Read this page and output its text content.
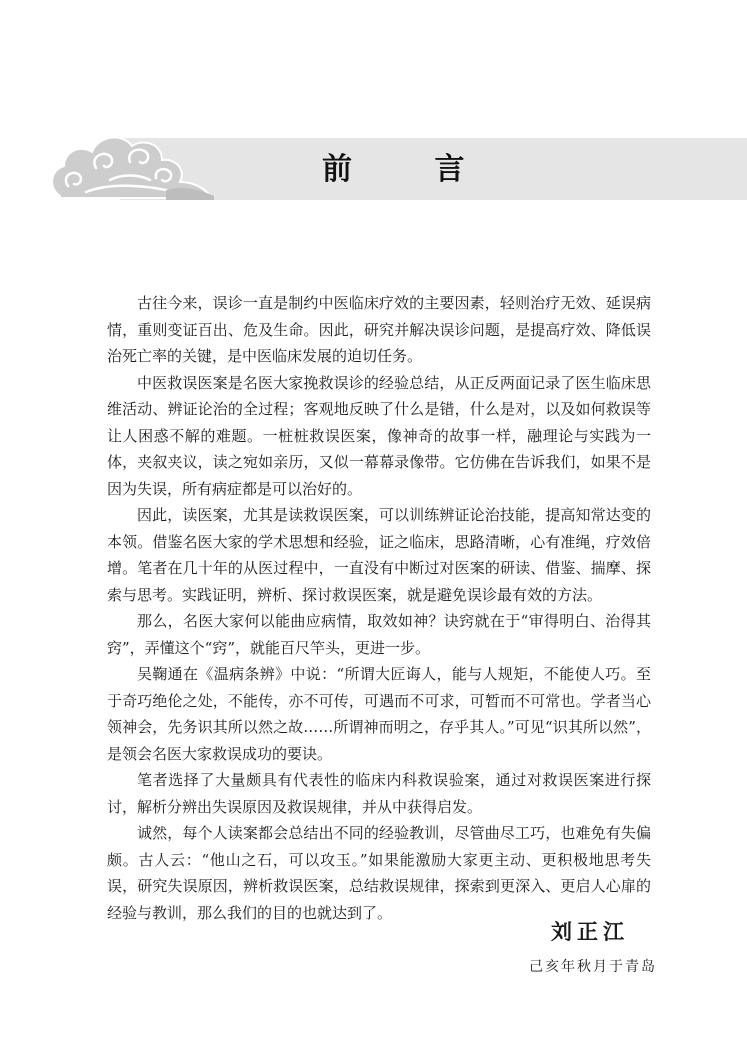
前 言

古往今来，误诊一直是制约中医临床疗效的主要因素，轻则治疗无效、延误病情，重则变证百出、危及生命。因此，研究并解决误诊问题，是提高疗效、降低误治死亡率的关键，是中医临床发展的迫切任务。

中医救误医案是名医大家挽救误诊的经验总结，从正反两面记录了医生临床思维活动、辨证论治的全过程；客观地反映了什么是错，什么是对，以及如何救误等让人困惑不解的难题。一桩桩救误医案，像神奇的故事一样，融理论与实践为一体，夹叙夹议，读之宛如亲历，又似一幕幕录像带。它仿佛在告诉我们，如果不是因为失误，所有病症都是可以治好的。

因此，读医案，尤其是读救误医案，可以训练辨证论治技能，提高知常达变的本领。借鉴名医大家的学术思想和经验，证之临床，思路清晰，心有准绳，疗效倍增。笔者在几十年的从医过程中，一直没有中断过对医案的研读、借鉴、揣摩、探索与思考。实践证明，辨析、探讨救误医案，就是避免误诊最有效的方法。

那么，名医大家何以能曲应病情，取效如神？诀窍就在于“审得明白、治得其窍”，弄懂这个“窍”，就能百尺竿头，更进一步。

吴鞠通在《温病条辨》中说：“所谓大匠诲人，能与人规矩，不能使人巧。至于奇巧绝伦之处，不能传，亦不可传，可遇而不可求，可暂而不可常也。学者当心领神会，先务识其所以然之故……所谓神而明之，存乎其人。”可见“识其所以然”，是领会名医大家救误成功的要诀。

笔者选择了大量颇具有代表性的临床内科救误验案，通过对救误医案进行探讨，解析分辨出失误原因及救误规律，并从中获得启发。

诚然，每个人读案都会总结出不同的经验教训，尽管曲尽工巧，也难免有失偏颇。古人云：“他山之石，可以攻玉。”如果能激励大家更主动、更积极地思考失误，研究失误原因，辨析救误医案，总结救误规律，探索到更深入、更启人心扉的经验与教训，那么我们的目的也就达到了。

刘正江
己亥年秋月于青岛
